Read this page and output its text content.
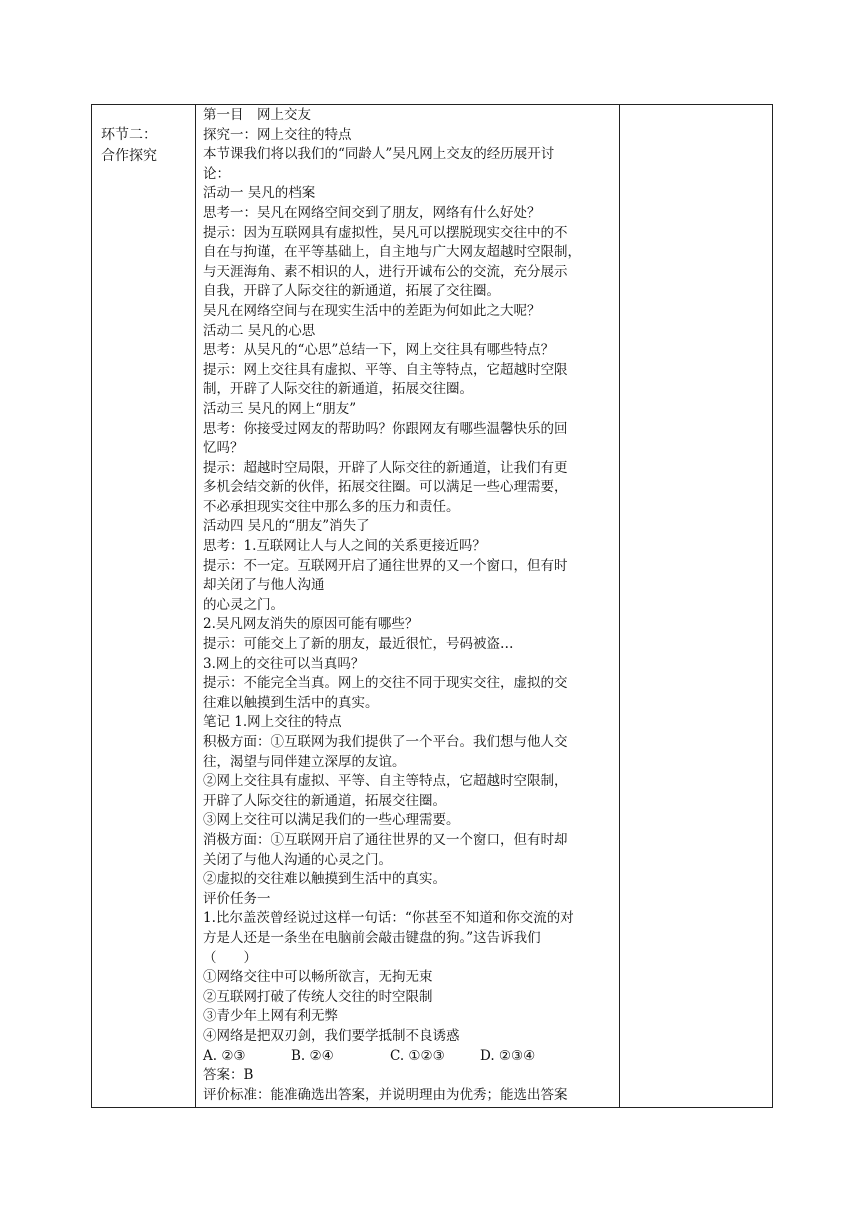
环节二：
合作探究

第一目　网上交友
探究一：网上交往的特点
本节课我们将以我们的“同龄人”吴凡网上交友的经历展开讨
论：
活动一 吴凡的档案
思考一：吴凡在网络空间交到了朋友，网络有什么好处？
提示：因为互联网具有虚拟性，吴凡可以摆脱现实交往中的不
自在与拘谨，在平等基础上，自主地与广大网友超越时空限制，
与天涯海角、素不相识的人，进行开诚布公的交流，充分展示
自我，开辟了人际交往的新通道，拓展了交往圈。
吴凡在网络空间与在现实生活中的差距为何如此之大呢？
活动二 吴凡的心思
思考：从吴凡的“心思”总结一下，网上交往具有哪些特点？
提示：网上交往具有虚拟、平等、自主等特点，它超越时空限
制，开辟了人际交往的新通道，拓展交往圈。
活动三 吴凡的网上“朋友”
思考：你接受过网友的帮助吗？你跟网友有哪些温馨快乐的回
忆吗？
提示：超越时空局限，开辟了人际交往的新通道，让我们有更
多机会结交新的伙伴，拓展交往圈。可以满足一些心理需要，
不必承担现实交往中那么多的压力和责任。
活动四 吴凡的“朋友”消失了
思考：1.互联网让人与人之间的关系更接近吗？
提示：不一定。互联网开启了通往世界的又一个窗口，但有时
却关闭了与他人沟通
的心灵之门。
2.吴凡网友消失的原因可能有哪些？
提示：可能交上了新的朋友，最近很忙，号码被盗…
3.网上的交往可以当真吗？
提示：不能完全当真。网上的交往不同于现实交往，虚拟的交
往难以触摸到生活中的真实。
笔记 1.网上交往的特点
积极方面：①互联网为我们提供了一个平台。我们想与他人交
往，渴望与同伴建立深厚的友谊。
②网上交往具有虚拟、平等、自主等特点，它超越时空限制，
开辟了人际交往的新通道，拓展交往圈。
③网上交往可以满足我们的一些心理需要。
消极方面：①互联网开启了通往世界的又一个窗口，但有时却
关闭了与他人沟通的心灵之门。
②虚拟的交往难以触摸到生活中的真实。
评价任务一
1.比尔盖茨曾经说过这样一句话：“你甚至不知道和你交流的对
方是人还是一条坐在电脑前会敲击键盘的狗。”这告诉我们
（　　）
①网络交往中可以畅所欲言，无拘无束
②互联网打破了传统人交往的时空限制
③青少年上网有利无弊
④网络是把双刃剑，我们要学抵制不良诱惑
A. ②③	B. ②④	C. ①②③	D. ②③④
答案：B
评价标准：能准确选出答案，并说明理由为优秀；能选出答案
